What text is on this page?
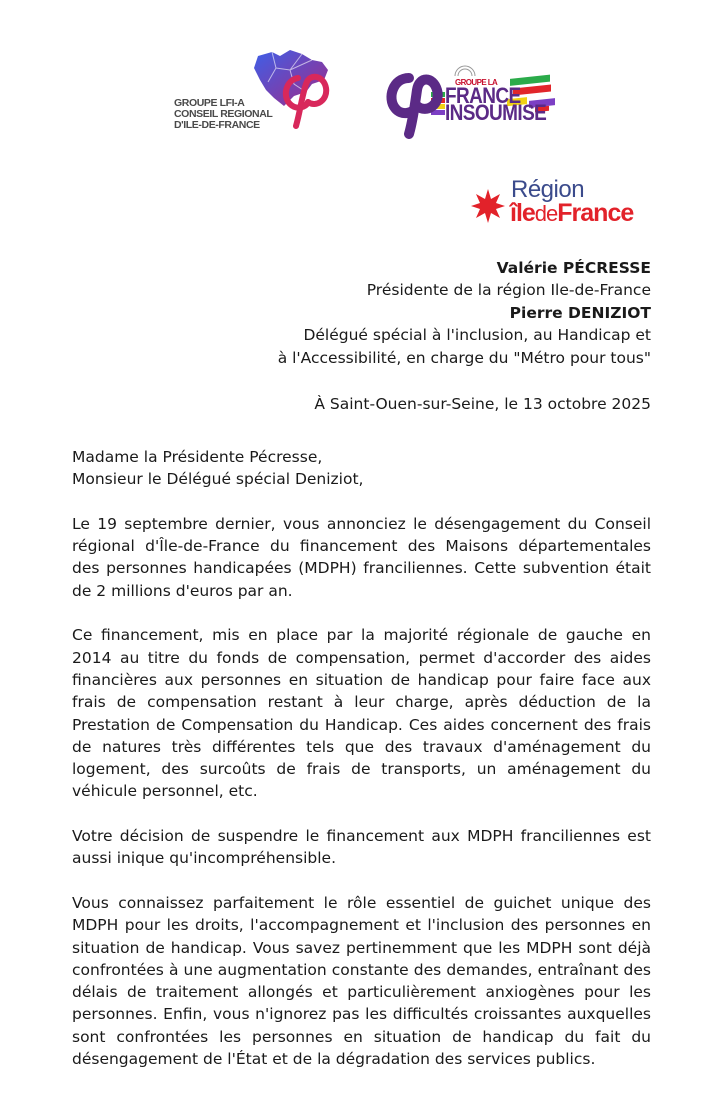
GROUPE LFI-A
CONSEIL REGIONAL
D'ILE-DE-FRANCE
GROUPE LA
FRANCE
INSOUMISE
Région
îledeFrance
Valérie PÉCRESSE
Présidente de la région Ile-de-France
Pierre DENIZIOT
Délégué spécial à l'inclusion, au Handicap et
à l'Accessibilité, en charge du "Métro pour tous"
À Saint-Ouen-sur-Seine, le 13 octobre 2025
Madame la Présidente Pécresse,
Monsieur le Délégué spécial Deniziot,

Le 19 septembre dernier, vous annonciez le désengagement du Conseil régional d'Île-de-France du financement des Maisons départementales des personnes handicapées (MDPH) franciliennes. Cette subvention était de 2 millions d'euros par an.

Ce financement, mis en place par la majorité régionale de gauche en 2014 au titre du fonds de compensation, permet d'accorder des aides financières aux personnes en situation de handicap pour faire face aux frais de compensation restant à leur charge, après déduction de la Prestation de Compensation du Handicap. Ces aides concernent des frais de natures très différentes tels que des travaux d'aménagement du logement, des surcoûts de frais de transports, un aménagement du véhicule personnel, etc.

Votre décision de suspendre le financement aux MDPH franciliennes est aussi inique qu'incompréhensible.

Vous connaissez parfaitement le rôle essentiel de guichet unique des MDPH pour les droits, l'accompagnement et l'inclusion des personnes en situation de handicap. Vous savez pertinemment que les MDPH sont déjà confrontées à une augmentation constante des demandes, entraînant des délais de traitement allongés et particulièrement anxiogènes pour les personnes. Enfin, vous n'ignorez pas les difficultés croissantes auxquelles sont confrontées les personnes en situation de handicap du fait du désengagement de l'État et de la dégradation des services publics.
